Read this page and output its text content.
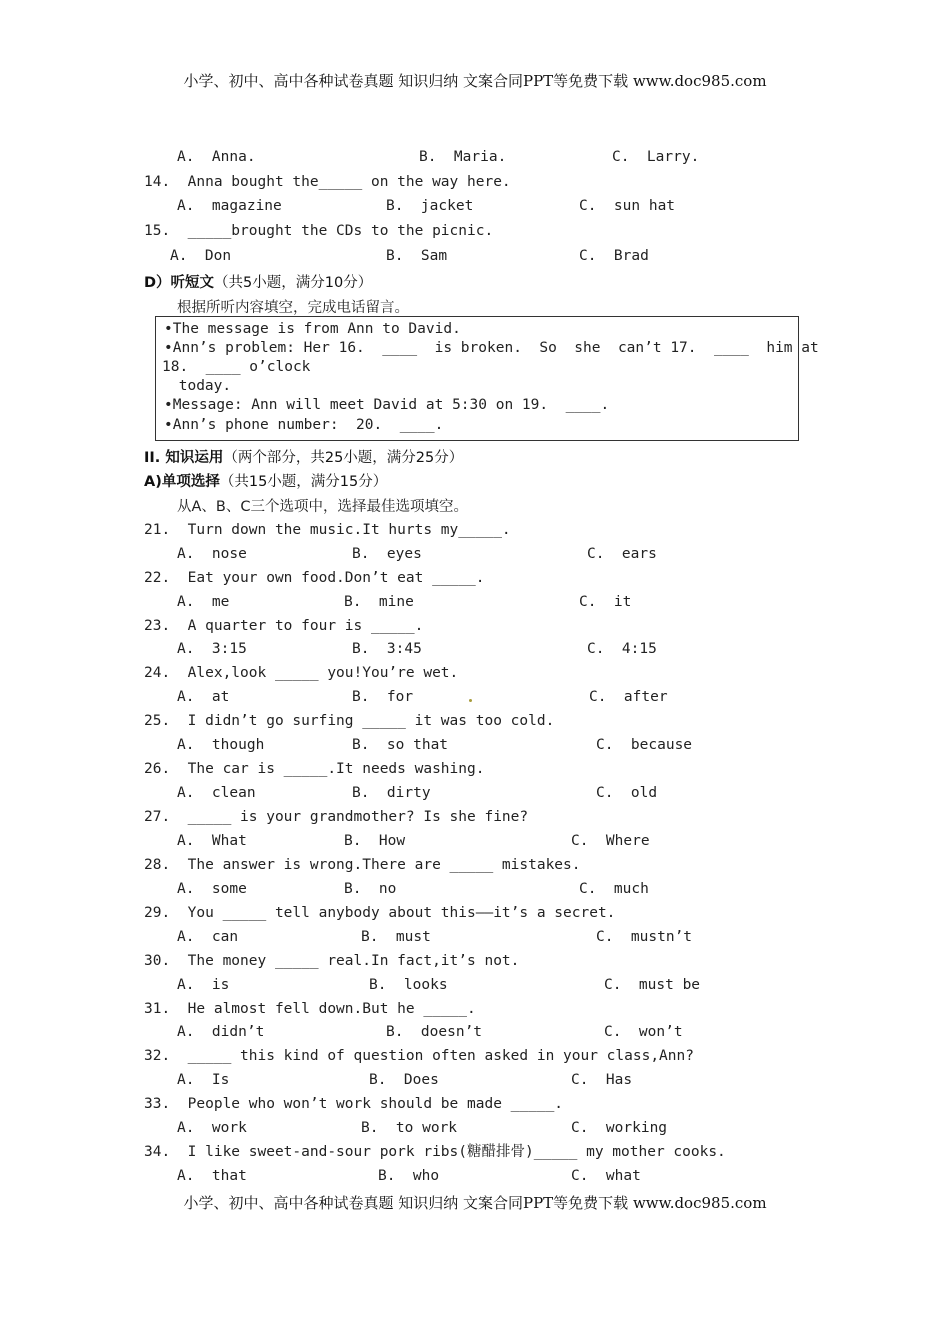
小学、初中、高中各种试卷真题 知识归纳 文案合同PPT等免费下载 www.doc985.com
A.  Anna.	B.  Maria.	C.  Larry.
14.  Anna bought the_____ on the way here.
A.  magazine	B.  jacket	C.  sun hat
15.  _____brought the CDs to the picnic.
A.  Don	B.  Sam	C.  Brad
D）听短文（共5小题，满分10分）
根据所听内容填空，完成电话留言。
•The message is from Ann to David.
•Ann’s problem: Her 16.  ____  is broken.  So  she  can’t 17.  ____  him at
18.  ____ o’clock
today.
•Message: Ann will meet David at 5:30 on 19.  ____.
•Ann’s phone number:  20.  ____.
II. 知识运用（两个部分，共25小题，满分25分）
A)单项选择（共15小题，满分15分）
从A、B、C三个选项中，选择最佳选项填空。
21.  Turn down the music.It hurts my_____.
A.  nose	B.  eyes	C.  ears
22.  Eat your own food.Don’t eat _____.
A.  me	B.  mine	C.  it
23.  A quarter to four is _____.
A.  3:15	B.  3:45	C.  4:15
24.  Alex,look _____ you!You’re wet.
A.  at	B.  for	C.  after
25.  I didn’t go surfing _____ it was too cold.
A.  though	B.  so that	C.  because
26.  The car is _____.It needs washing.
A.  clean	B.  dirty	C.  old
27.  _____ is your grandmother? Is she fine?
A.  What	B.  How	C.  Where
28.  The answer is wrong.There are _____ mistakes.
A.  some	B.  no	C.  much
29.  You _____ tell anybody about this——it’s a secret.
A.  can	B.  must	C.  mustn’t
30.  The money _____ real.In fact,it’s not.
A.  is	B.  looks	C.  must be
31.  He almost fell down.But he _____.
A.  didn’t	B.  doesn’t	C.  won’t
32.  _____ this kind of question often asked in your class,Ann?
A.  Is	B.  Does	C.  Has
33.  People who won’t work should be made _____.
A.  work	B.  to work	C.  working
34.  I like sweet-and-sour pork ribs(糖醋排骨)_____ my mother cooks.
A.  that	B.  who	C.  what
小学、初中、高中各种试卷真题 知识归纳 文案合同PPT等免费下载 www.doc985.com
